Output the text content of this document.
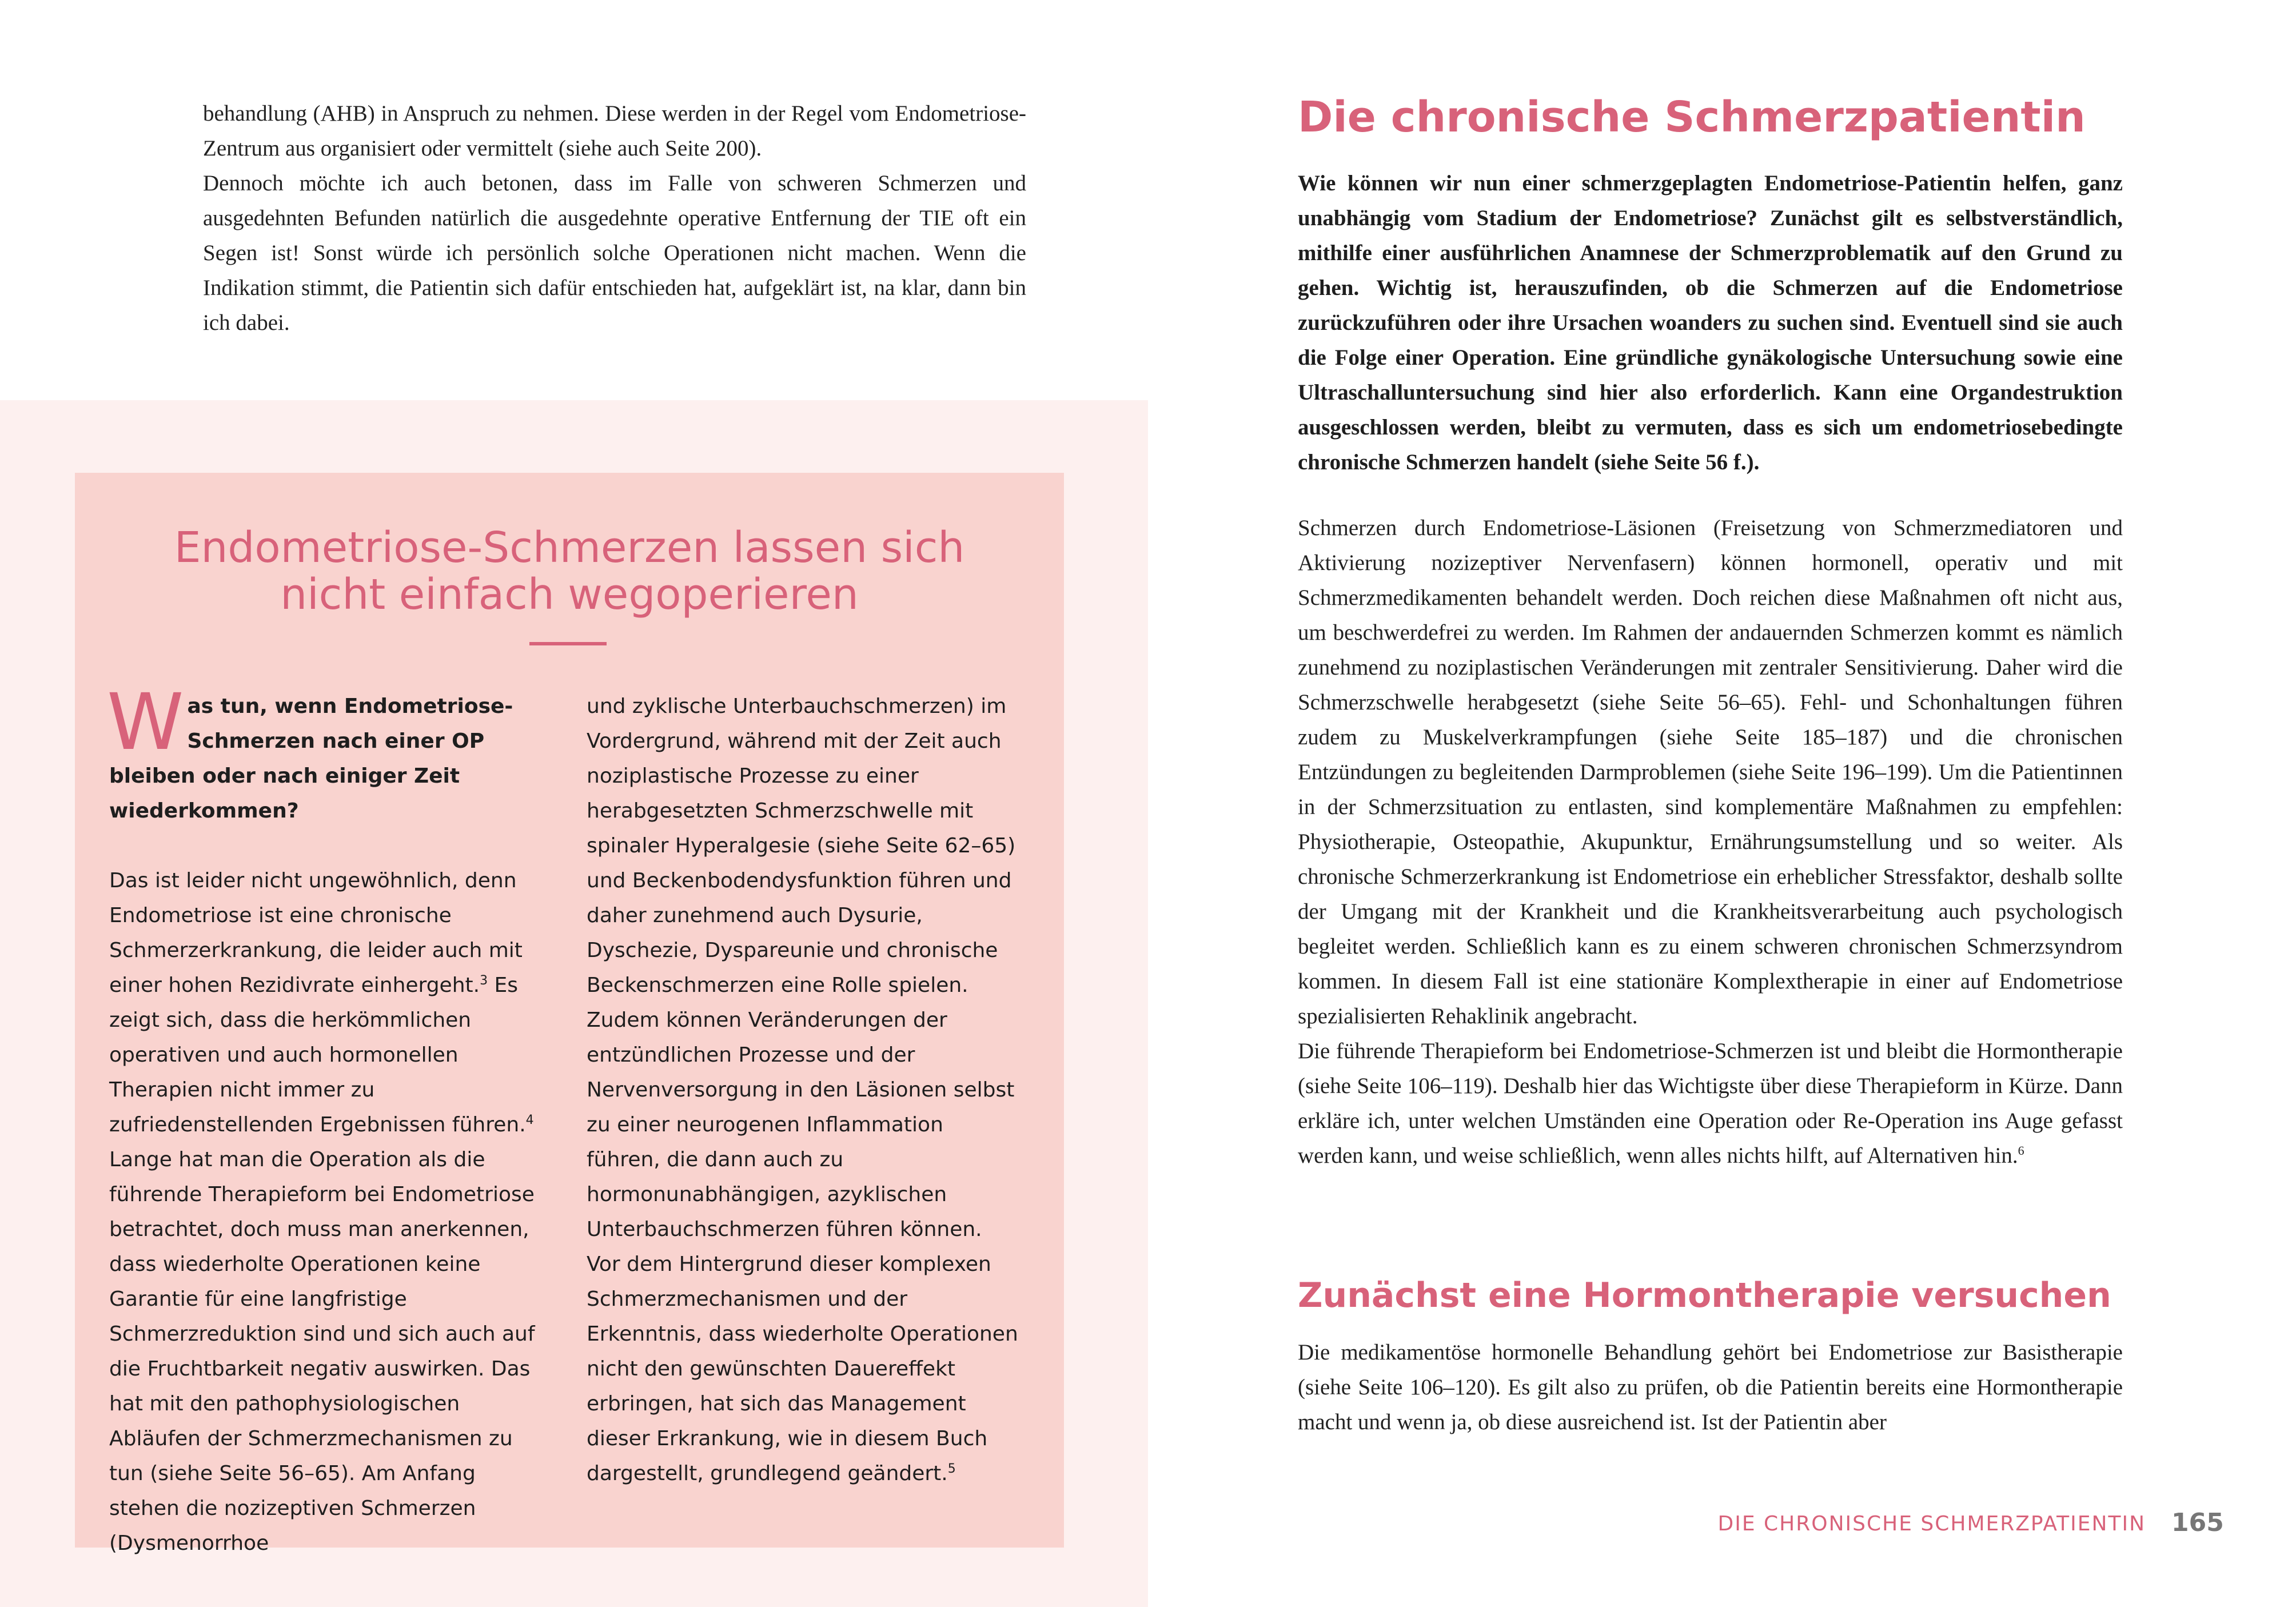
behandlung (AHB) in Anspruch zu nehmen. Diese werden in der Regel vom Endometriose-Zentrum aus organisiert oder vermittelt (siehe auch Seite 200).

Dennoch möchte ich auch betonen, dass im Falle von schweren Schmerzen und ausgedehnten Befunden natürlich die ausgedehnte operative Entfernung der TIE oft ein Segen ist! Sonst würde ich persönlich solche Operationen nicht machen. Wenn die Indikation stimmt, die Patientin sich dafür entschieden hat, aufgeklärt ist, na klar, dann bin ich dabei.

Endometriose-Schmerzen lassen sich
nicht einfach wegoperieren

Was tun, wenn Endometriose-Schmerzen nach einer OP bleiben oder nach einiger Zeit wiederkommen?

Das ist leider nicht ungewöhnlich, denn Endometriose ist eine chronische Schmerzerkrankung, die leider auch mit einer hohen Rezidivrate einhergeht.$^3$ Es zeigt sich, dass die herkömmlichen operativen und auch hormonellen Therapien nicht immer zu zufriedenstellenden Ergebnissen führen.$^4$ Lange hat man die Operation als die führende Therapieform bei Endometriose betrachtet, doch muss man anerkennen, dass wiederholte Operationen keine Garantie für eine langfristige Schmerzreduktion sind und sich auch auf die Fruchtbarkeit negativ auswirken. Das hat mit den pathophysiologischen Abläufen der Schmerzmechanismen zu tun (siehe Seite 56–65). Am Anfang stehen die nozizeptiven Schmerzen (Dysmenorrhoe

und zyklische Unterbauchschmerzen) im Vordergrund, während mit der Zeit auch noziplastische Prozesse zu einer herabgesetzten Schmerzschwelle mit spinaler Hyperalgesie (siehe Seite 62–65) und Beckenbodendysfunktion führen und daher zunehmend auch Dysurie, Dyschezie, Dyspareunie und chronische Beckenschmerzen eine Rolle spielen. Zudem können Veränderungen der entzündlichen Prozesse und der Nervenversorgung in den Läsionen selbst zu einer neurogenen Inflammation führen, die dann auch zu hormonunabhängigen, azyklischen Unterbauchschmerzen führen können.

Vor dem Hintergrund dieser komplexen Schmerzmechanismen und der Erkenntnis, dass wiederholte Operationen nicht den gewünschten Dauereffekt erbringen, hat sich das Management dieser Erkrankung, wie in diesem Buch dargestellt, grundlegend geändert.$^5$

Die chronische Schmerzpatientin

Wie können wir nun einer schmerzgeplagten Endometriose-Patientin helfen, ganz unabhängig vom Stadium der Endometriose? Zunächst gilt es selbstverständlich, mithilfe einer ausführlichen Anamnese der Schmerzproblematik auf den Grund zu gehen. Wichtig ist, herauszufinden, ob die Schmerzen auf die Endometriose zurückzuführen oder ihre Ursachen woanders zu suchen sind. Eventuell sind sie auch die Folge einer Operation. Eine gründliche gynäkologische Untersuchung sowie eine Ultraschalluntersuchung sind hier also erforderlich. Kann eine Organdestruktion ausgeschlossen werden, bleibt zu vermuten, dass es sich um endometriosebedingte chronische Schmerzen handelt (siehe Seite 56 f.).

Schmerzen durch Endometriose-Läsionen (Freisetzung von Schmerzmediatoren und Aktivierung nozizeptiver Nervenfasern) können hormonell, operativ und mit Schmerzmedikamenten behandelt werden. Doch reichen diese Maßnahmen oft nicht aus, um beschwerdefrei zu werden. Im Rahmen der andauernden Schmerzen kommt es nämlich zunehmend zu noziplastischen Veränderungen mit zentraler Sensitivierung. Daher wird die Schmerzschwelle herabgesetzt (siehe Seite 56–65). Fehl- und Schonhaltungen führen zudem zu Muskelverkrampfungen (siehe Seite 185–187) und die chronischen Entzündungen zu begleitenden Darmproblemen (siehe Seite 196–199). Um die Patientinnen in der Schmerzsituation zu entlasten, sind komplementäre Maßnahmen zu empfehlen: Physiotherapie, Osteopathie, Akupunktur, Ernährungsumstellung und so weiter. Als chronische Schmerzerkrankung ist Endometriose ein erheblicher Stressfaktor, deshalb sollte der Umgang mit der Krankheit und die Krankheitsverarbeitung auch psychologisch begleitet werden. Schließlich kann es zu einem schweren chronischen Schmerzsyndrom kommen. In diesem Fall ist eine stationäre Komplextherapie in einer auf Endometriose spezialisierten Rehaklinik angebracht.

Die führende Therapieform bei Endometriose-Schmerzen ist und bleibt die Hormontherapie (siehe Seite 106–119). Deshalb hier das Wichtigste über diese Therapieform in Kürze. Dann erkläre ich, unter welchen Umständen eine Operation oder Re-Operation ins Auge gefasst werden kann, und weise schließlich, wenn alles nichts hilft, auf Alternativen hin.$^6$

Zunächst eine Hormontherapie versuchen

Die medikamentöse hormonelle Behandlung gehört bei Endometriose zur Basistherapie (siehe Seite 106–120). Es gilt also zu prüfen, ob die Patientin bereits eine Hormontherapie macht und wenn ja, ob diese ausreichend ist. Ist der Patientin aber

DIE CHRONISCHE SCHMERZPATIENTIN 165
